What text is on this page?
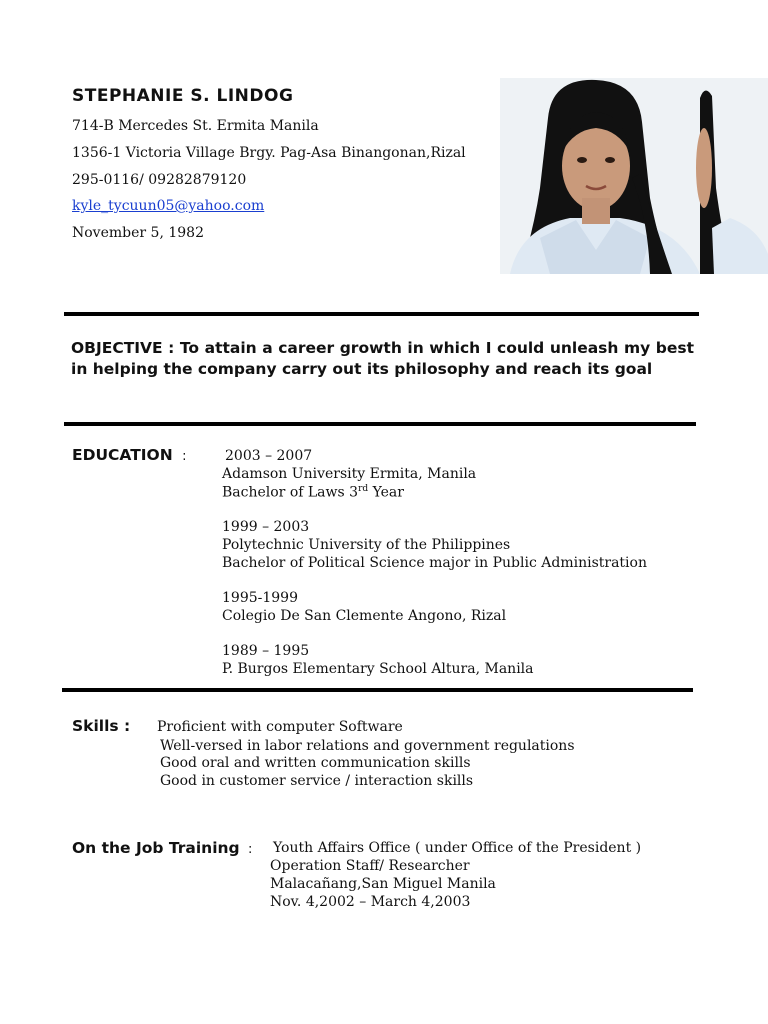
STEPHANIE S. LINDOG
714-B Mercedes St. Ermita Manila
1356-1 Victoria Village Brgy. Pag-Asa Binangonan,Rizal
295-0116/ 09282879120
kyle_tycuun05@yahoo.com
November 5, 1982
OBJECTIVE : To attain a career growth in which I could unleash my best in helping the company carry out its philosophy and reach its goal
EDUCATION :	2003 – 2007
Adamson University Ermita, Manila
Bachelor of Laws 3rd Year
1999 – 2003
Polytechnic University of the Philippines
Bachelor of Political Science major in Public Administration
1995-1999
Colegio De San Clemente Angono, Rizal
1989 – 1995
P. Burgos Elementary School Altura, Manila
Skills : Proficient with computer Software
Well-versed in labor relations and government regulations
Good oral and written communication skills
Good in customer service / interaction skills
On the Job Training : Youth Affairs Office ( under Office of the President )
Operation Staff/ Researcher
Malacañang,San Miguel Manila
Nov. 4,2002 – March 4,2003
